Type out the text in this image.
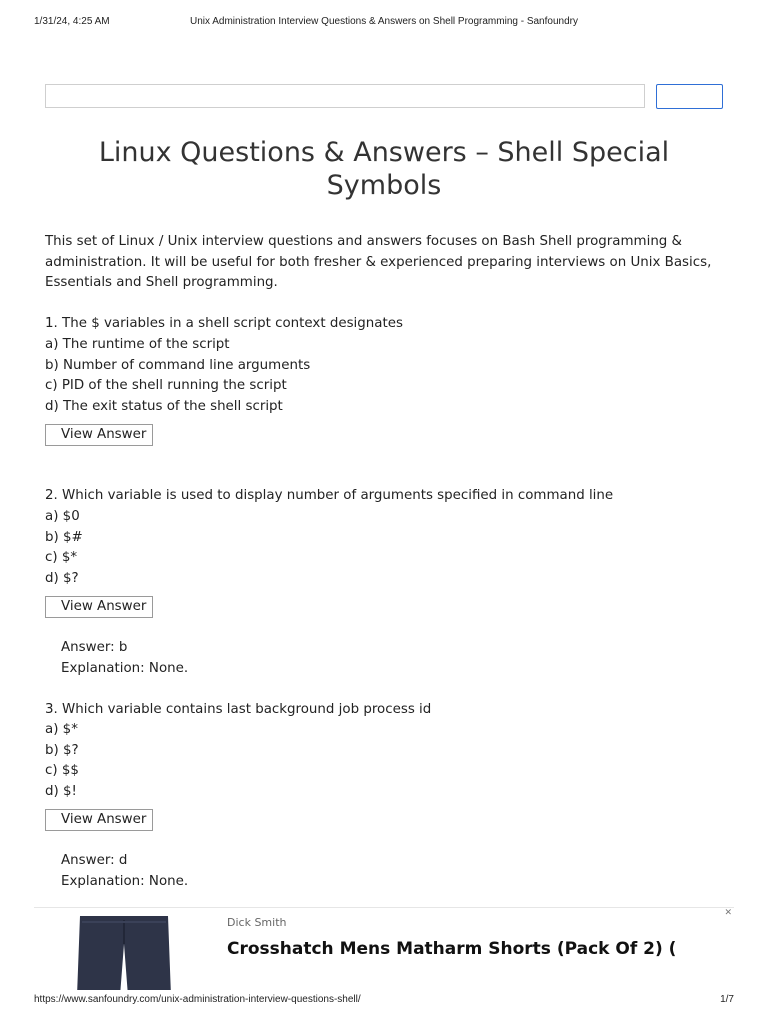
1/31/24, 4:25 AM	Unix Administration Interview Questions & Answers on Shell Programming - Sanfoundry
Linux Questions & Answers – Shell Special Symbols

This set of Linux / Unix interview questions and answers focuses on Bash Shell programming &
administration. It will be useful for both fresher & experienced preparing interviews on Unix Basics,
Essentials and Shell programming.

1. The $ variables in a shell script context designates
a) The runtime of the script
b) Number of command line arguments
c) PID of the shell running the script
d) The exit status of the shell script
View Answer
2. Which variable is used to display number of arguments specified in command line
a) $0
b) $#
c) $*
d) $?
View Answer
Answer: b
Explanation: None.
3. Which variable contains last background job process id
a) $*
b) $?
c) $$
d) $!
View Answer
Answer: d
Explanation: None.
Dick Smith
Crosshatch Mens Matharm Shorts (Pack Of 2) (
✕
https://www.sanfoundry.com/unix-administration-interview-questions-shell/	1/7
